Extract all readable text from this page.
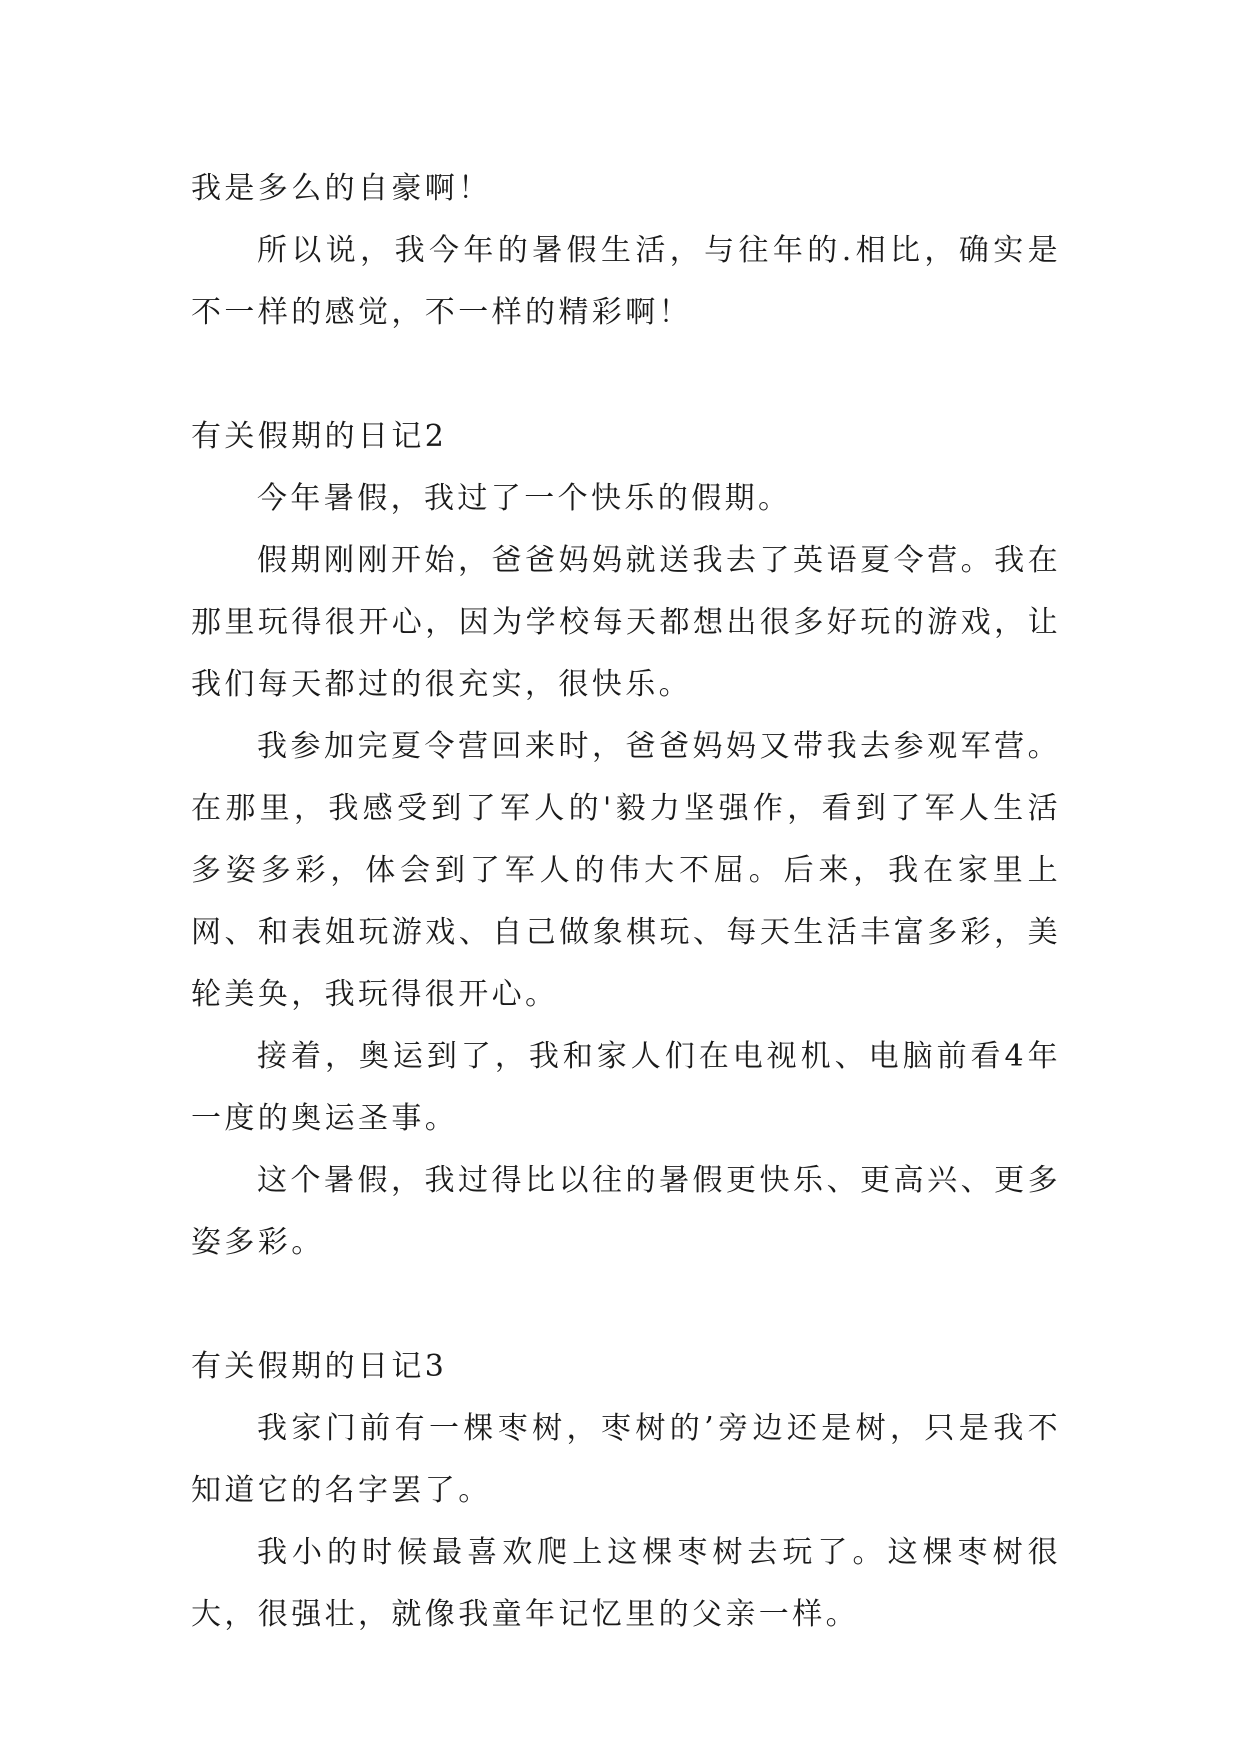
我是多么的自豪啊！

所以说，我今年的暑假生活，与往年的.相比，确实是不一样的感觉，不一样的精彩啊！

有关假期的日记2

今年暑假，我过了一个快乐的假期。

假期刚刚开始，爸爸妈妈就送我去了英语夏令营。我在那里玩得很开心，因为学校每天都想出很多好玩的游戏，让我们每天都过的很充实，很快乐。

我参加完夏令营回来时，爸爸妈妈又带我去参观军营。在那里，我感受到了军人的'毅力坚强作，看到了军人生活多姿多彩，体会到了军人的伟大不屈。后来，我在家里上网、和表姐玩游戏、自己做象棋玩、每天生活丰富多彩，美轮美奂，我玩得很开心。

接着，奥运到了，我和家人们在电视机、电脑前看4年一度的奥运圣事。

这个暑假，我过得比以往的暑假更快乐、更高兴、更多姿多彩。

有关假期的日记3

我家门前有一棵枣树，枣树的’旁边还是树，只是我不知道它的名字罢了。

我小的时候最喜欢爬上这棵枣树去玩了。这棵枣树很大，很强壮，就像我童年记忆里的父亲一样。
